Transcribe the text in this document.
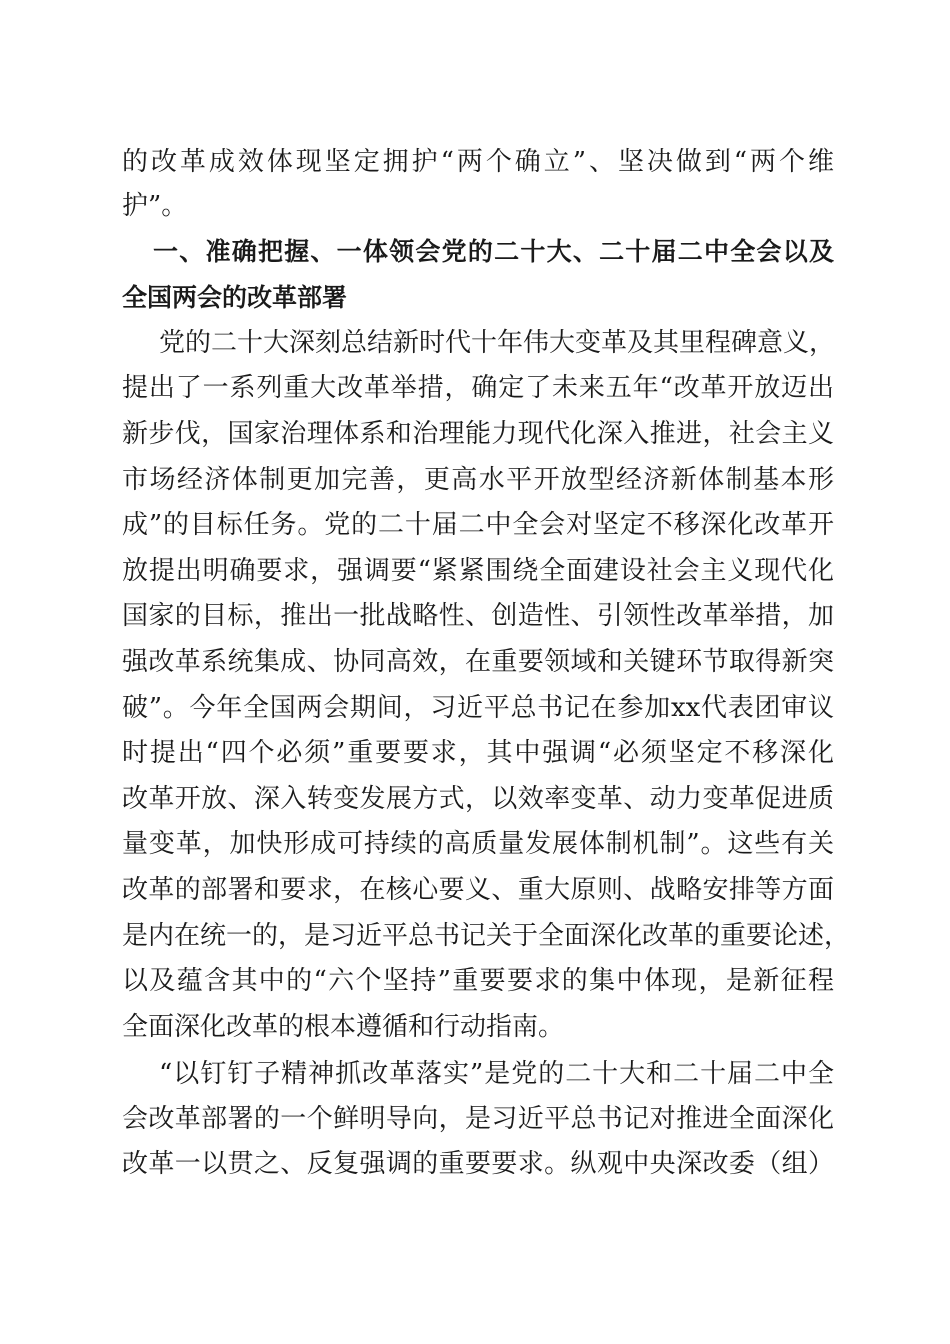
的改革成效体现坚定拥护“两个确立”、坚决做到“两个维
护”。
一、准确把握、一体领会党的二十大、二十届二中全会以及
全国两会的改革部署
党的二十大深刻总结新时代十年伟大变革及其里程碑意义，
提出了一系列重大改革举措，确定了未来五年“改革开放迈出
新步伐，国家治理体系和治理能力现代化深入推进，社会主义
市场经济体制更加完善，更高水平开放型经济新体制基本形
成”的目标任务。党的二十届二中全会对坚定不移深化改革开
放提出明确要求，强调要“紧紧围绕全面建设社会主义现代化
国家的目标，推出一批战略性、创造性、引领性改革举措，加
强改革系统集成、协同高效，在重要领域和关键环节取得新突
破”。今年全国两会期间，习近平总书记在参加xx代表团审议
时提出“四个必须”重要要求，其中强调“必须坚定不移深化
改革开放、深入转变发展方式，以效率变革、动力变革促进质
量变革，加快形成可持续的高质量发展体制机制”。这些有关
改革的部署和要求，在核心要义、重大原则、战略安排等方面
是内在统一的，是习近平总书记关于全面深化改革的重要论述，
以及蕴含其中的“六个坚持”重要要求的集中体现，是新征程
全面深化改革的根本遵循和行动指南。
“以钉钉子精神抓改革落实”是党的二十大和二十届二中全
会改革部署的一个鲜明导向，是习近平总书记对推进全面深化
改革一以贯之、反复强调的重要要求。纵观中央深改委（组）
